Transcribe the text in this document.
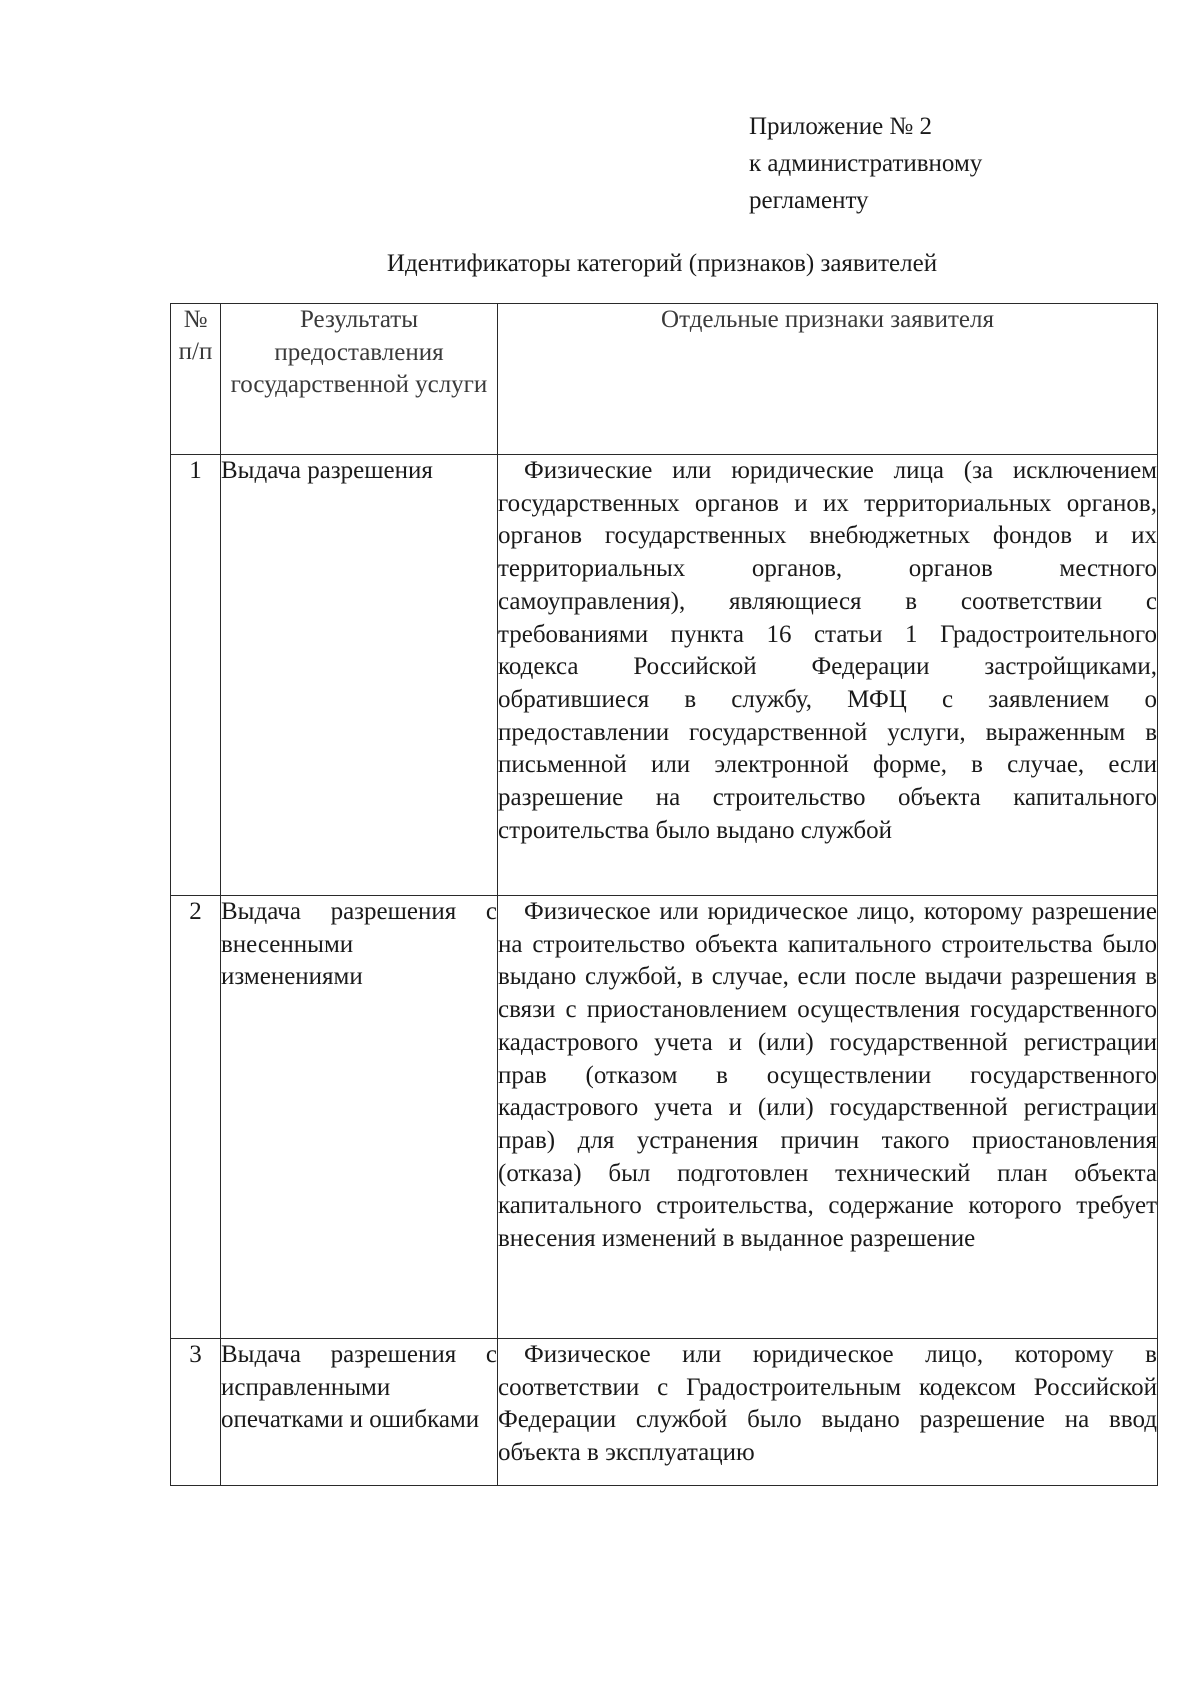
Приложение № 2
к административному
регламенту
Идентификаторы категорий (признаков) заявителей
№ п/п	Результаты предоставления государственной услуги	Отдельные признаки заявителя
1	Выдача разрешения	Физические или юридические лица (за исключением государственных органов и их территориальных органов, органов государственных внебюджетных фондов и их территориальных органов, органов местного самоуправления), являющиеся в соответствии с требованиями пункта 16 статьи 1 Градостроительного кодекса Российской Федерации застройщиками, обратившиеся в службу, МФЦ с заявлением о предоставлении государственной услуги, выраженным в письменной или электронной форме, в случае, если разрешение на строительство объекта капитального строительства было выдано службой
2	Выдача разрешения с внесенными изменениями	Физическое или юридическое лицо, которому разрешение на строительство объекта капитального строительства было выдано службой, в случае, если после выдачи разрешения в связи с приостановлением осуществления государственного кадастрового учета и (или) государственной регистрации прав (отказом в осуществлении государственного кадастрового учета и (или) государственной регистрации прав) для устранения причин такого приостановления (отказа) был подготовлен технический план объекта капитального строительства, содержание которого требует внесения изменений в выданное разрешение
3	Выдача разрешения с исправленными опечатками и ошибками	Физическое или юридическое лицо, которому в соответствии с Градостроительным кодексом Российской Федерации службой было выдано разрешение на ввод объекта в эксплуатацию
